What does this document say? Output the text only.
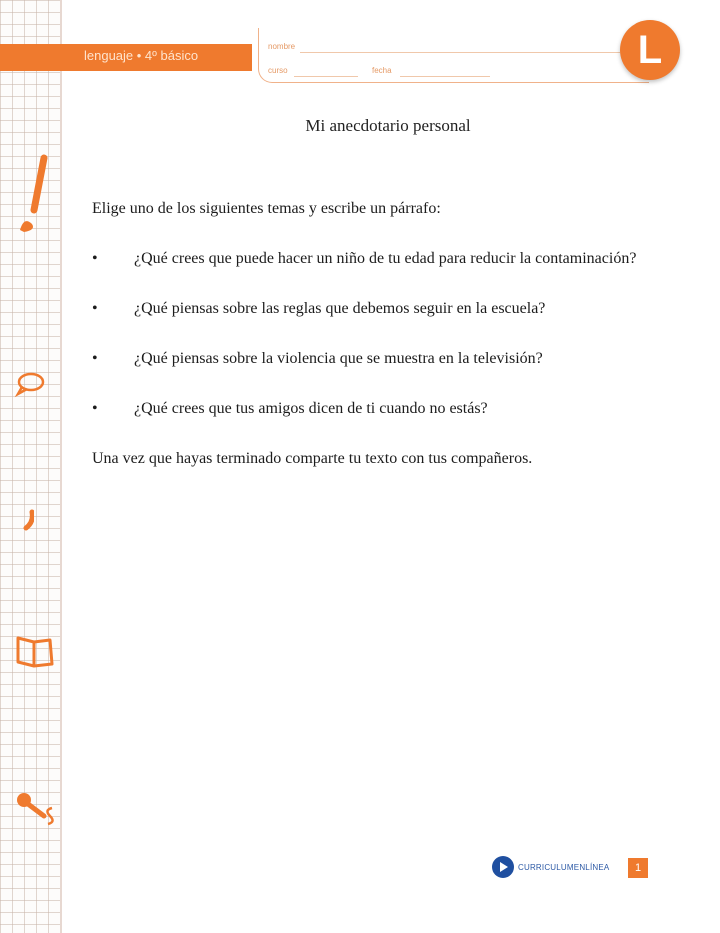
lenguaje • 4º básico
nombre
curso	fecha	L
Mi anecdotario personal

Elige uno de los siguientes temas y escribe un párrafo:

• ¿Qué crees que puede hacer un niño de tu edad para reducir la contaminación?

• ¿Qué piensas sobre las reglas que debemos seguir en la escuela?

• ¿Qué piensas sobre la violencia que se muestra en la televisión?

• ¿Qué crees que tus amigos dicen de ti cuando no estás?

Una vez que hayas terminado comparte tu texto con tus compañeros.

CURRICULUMENLÍNEA	1
